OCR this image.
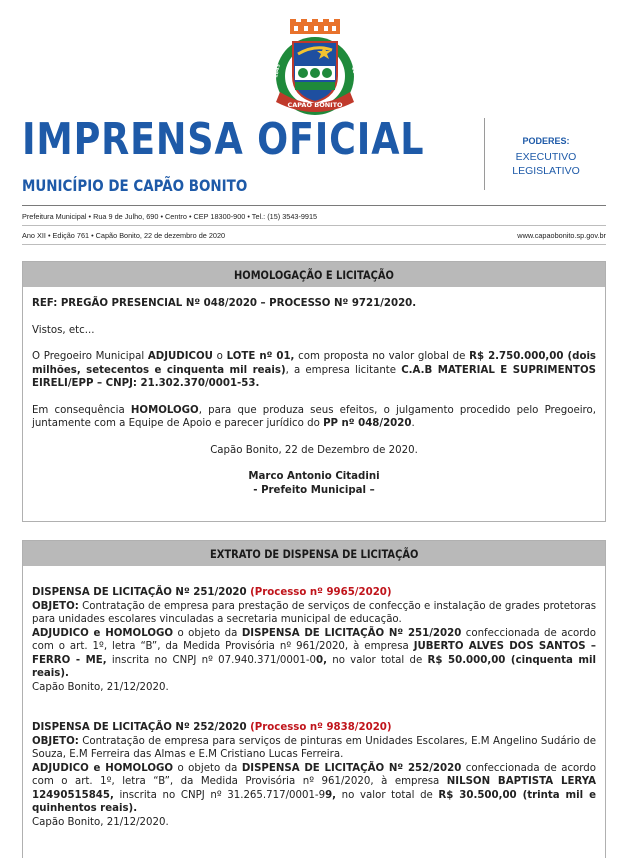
CAPÃO BONITO
1843	1843
IMPRENSA OFICIAL
MUNICÍPIO DE CAPÃO BONITO
PODERES:
EXECUTIVO
LEGISLATIVO
Prefeitura Municipal • Rua 9 de Julho, 690 • Centro • CEP 18300-900 • Tel.: (15) 3543-9915
Ano XII • Edição 761 • Capão Bonito, 22 de dezembro de 2020	www.capaobonito.sp.gov.br
HOMOLOGAÇÃO E LICITAÇÃO

REF: PREGÃO PRESENCIAL Nº 048/2020 – PROCESSO Nº 9721/2020.

Vistos, etc...

O Pregoeiro Municipal ADJUDICOU o LOTE nº 01, com proposta no valor global de R$ 2.750.000,00 (dois milhões, setecentos e cinquenta mil reais), a empresa licitante C.A.B MATERIAL E SUPRIMENTOS EIRELI/EPP – CNPJ: 21.302.370/0001-53.

Em consequência HOMOLOGO, para que produza seus efeitos, o julgamento procedido pelo Pregoeiro, juntamente com a Equipe de Apoio e parecer jurídico do PP nº 048/2020.

Capão Bonito, 22 de Dezembro de 2020.

Marco Antonio Citadini

- Prefeito Municipal –

EXTRATO DE DISPENSA DE LICITAÇÃO

DISPENSA DE LICITAÇÃO Nº 251/2020 (Processo nº 9965/2020)

OBJETO: Contratação de empresa para prestação de serviços de confecção e instalação de grades protetoras para unidades escolares vinculadas a secretaria municipal de educação.

ADJUDICO e HOMOLOGO o objeto da DISPENSA DE LICITAÇÃO Nº 251/2020 confeccionada de acordo com o art. 1º, letra “B”, da Medida Provisória nº 961/2020, à empresa JUBERTO ALVES DOS SANTOS – FERRO - ME, inscrita no CNPJ nº 07.940.371/0001-00, no valor total de R$ 50.000,00 (cinquenta mil reais).

Capão Bonito, 21/12/2020.

DISPENSA DE LICITAÇÃO Nº 252/2020 (Processo nº 9838/2020)

OBJETO: Contratação de empresa para serviços de pinturas em Unidades Escolares, E.M Angelino Sudário de Souza, E.M Ferreira das Almas e E.M Cristiano Lucas Ferreira.

ADJUDICO e HOMOLOGO o objeto da DISPENSA DE LICITAÇÃO Nº 252/2020 confeccionada de acordo com o art. 1º, letra “B”, da Medida Provisória nº 961/2020, à empresa NILSON BAPTISTA LERYA 12490515845, inscrita no CNPJ nº 31.265.717/0001-99, no valor total de R$ 30.500,00 (trinta mil e quinhentos reais).

Capão Bonito, 21/12/2020.
